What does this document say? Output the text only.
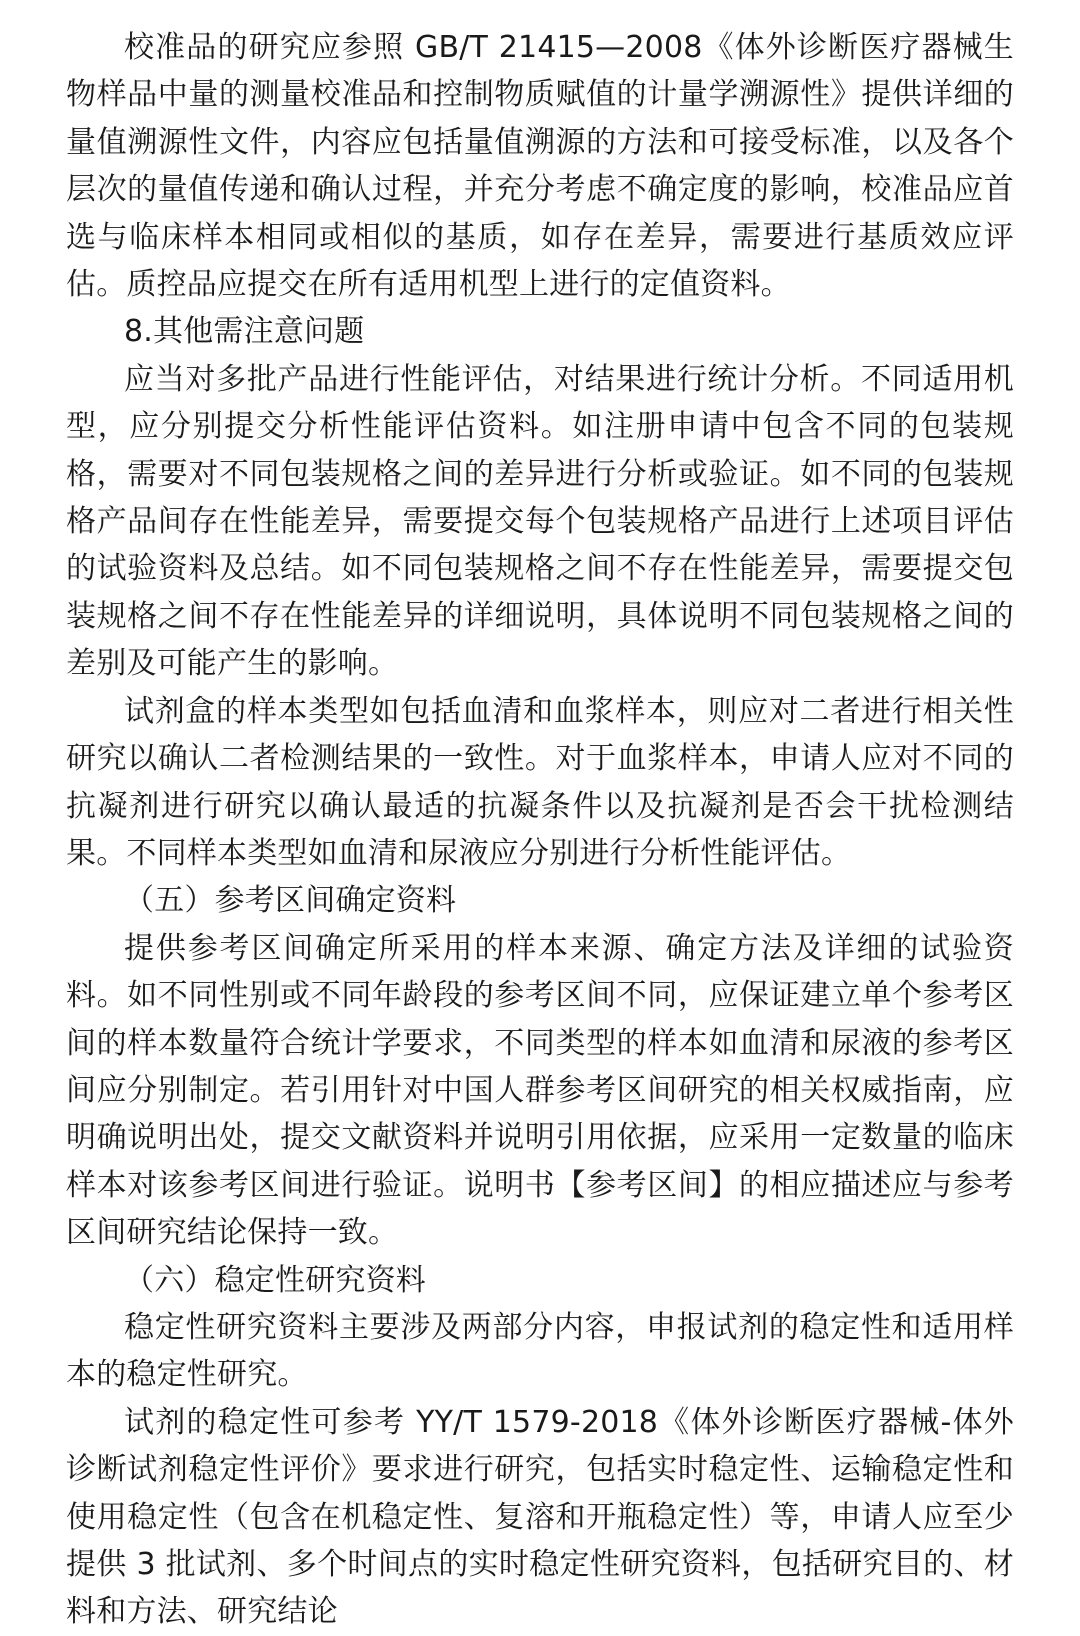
校准品的研究应参照 GB/T 21415—2008《体外诊断医疗器械生物样品中量的测量校准品和控制物质赋值的计量学溯源性》提供详细的量值溯源性文件，内容应包括量值溯源的方法和可接受标准，以及各个层次的量值传递和确认过程，并充分考虑不确定度的影响，校准品应首选与临床样本相同或相似的基质，如存在差异，需要进行基质效应评估。质控品应提交在所有适用机型上进行的定值资料。

8.其他需注意问题

应当对多批产品进行性能评估，对结果进行统计分析。不同适用机型，应分别提交分析性能评估资料。如注册申请中包含不同的包装规格，需要对不同包装规格之间的差异进行分析或验证。如不同的包装规格产品间存在性能差异，需要提交每个包装规格产品进行上述项目评估的试验资料及总结。如不同包装规格之间不存在性能差异，需要提交包装规格之间不存在性能差异的详细说明，具体说明不同包装规格之间的差别及可能产生的影响。

试剂盒的样本类型如包括血清和血浆样本，则应对二者进行相关性研究以确认二者检测结果的一致性。对于血浆样本，申请人应对不同的抗凝剂进行研究以确认最适的抗凝条件以及抗凝剂是否会干扰检测结果。不同样本类型如血清和尿液应分别进行分析性能评估。

（五）参考区间确定资料

提供参考区间确定所采用的样本来源、确定方法及详细的试验资料。如不同性别或不同年龄段的参考区间不同，应保证建立单个参考区间的样本数量符合统计学要求，不同类型的样本如血清和尿液的参考区间应分别制定。若引用针对中国人群参考区间研究的相关权威指南，应明确说明出处，提交文献资料并说明引用依据，应采用一定数量的临床样本对该参考区间进行验证。说明书【参考区间】的相应描述应与参考区间研究结论保持一致。

（六）稳定性研究资料

稳定性研究资料主要涉及两部分内容，申报试剂的稳定性和适用样本的稳定性研究。

试剂的稳定性可参考 YY/T 1579-2018《体外诊断医疗器械-体外诊断试剂稳定性评价》要求进行研究，包括实时稳定性、运输稳定性和使用稳定性（包含在机稳定性、复溶和开瓶稳定性）等，申请人应至少提供 3 批试剂、多个时间点的实时稳定性研究资料，包括研究目的、材料和方法、研究结论
